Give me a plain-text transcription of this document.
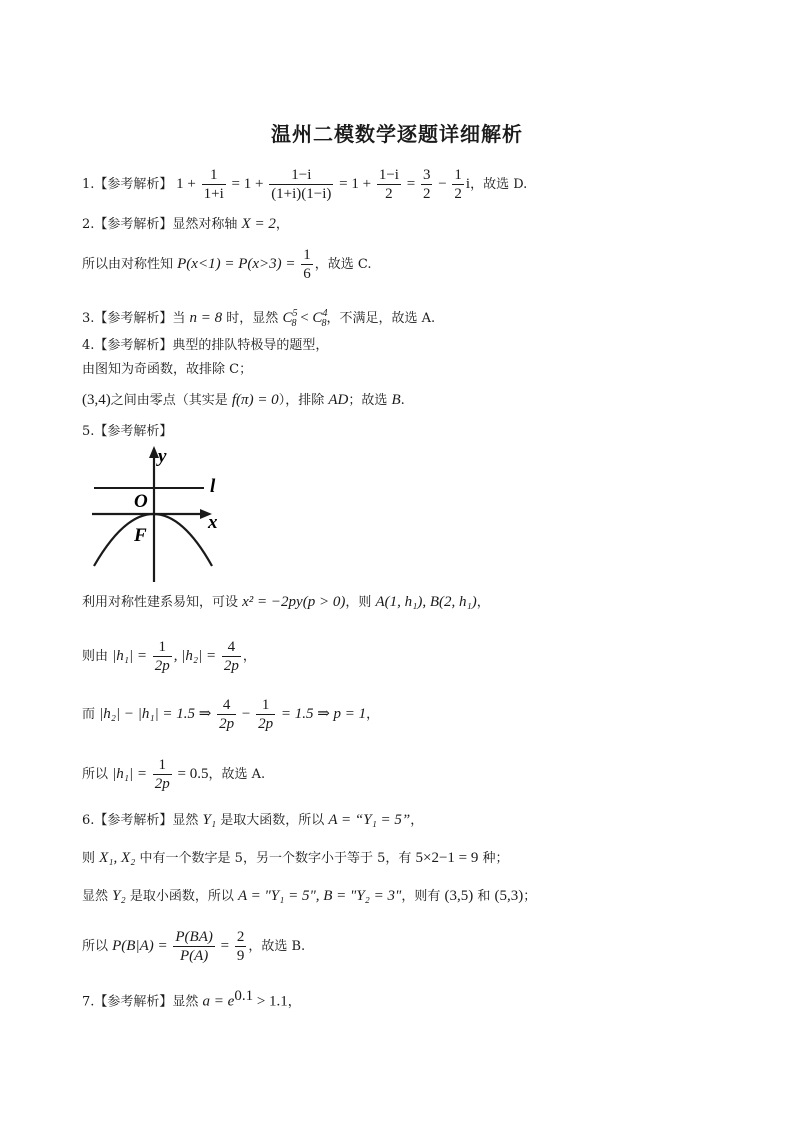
温州二模数学逐题详细解析
1.【参考解析】 $1 + \frac{1}{1+i} = 1 + \frac{1-i}{(1+i)(1-i)} = 1 + \frac{1-i}{2} = \frac{3}{2} - \frac{1}{2}$ i，故选 D.
2.【参考解析】显然对称轴 X = 2，
所以由对称性知 $P(x<1) = P(x>3) = \frac{1}{6}$ ，故选 C.
3.【参考解析】当 n = 8 时，显然 $C^5_8 < C^4_8$，不满足，故选 A.
4.【参考解析】典型的排队特极导的题型，
由图知为奇函数，故排除 C；
(3,4)之间由零点（其实是 f(π) = 0），排除 AD；故选 B.
5.【参考解析】
y
l
O
x
F
利用对称性建系易知，可设 x² = −2py(p > 0)，则 A(1, h₁), B(2, h₁)，
则由 $|h_1| = \frac{1}{2p}$ , $|h_2| = \frac{4}{2p}$ ，
而 |h₂| − |h₁| = 1.5 ⇒ $\frac{4}{2p} - \frac{1}{2p} = 1.5$ ⇒ p = 1，
所以 $|h_1| = \frac{1}{2p} = 0.5$，故选 A.
6.【参考解析】显然 Y₁ 是取大函数，所以 A = “Y₁ = 5”，
则 X₁, X₂ 中有一个数字是 5，另一个数字小于等于 5，有 5×2−1 = 9 种；
显然 Y₂ 是取小函数，所以 A = "Y₁ = 5", B = "Y₂ = 3"，则有 (3,5) 和 (5,3)；
所以 $P(B|A) = \frac{P(BA)}{P(A)} = \frac{2}{9}$ ，故选 B.
7.【参考解析】显然 $a = e^{0.1} > 1.1$，
